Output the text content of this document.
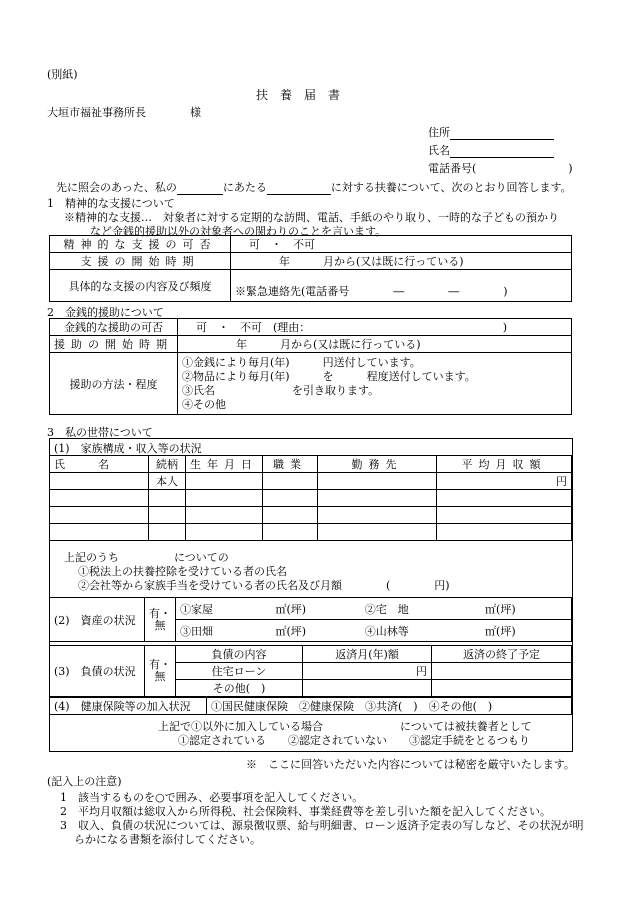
(別紙)
扶　養　届　書
大垣市福祉事務所長　　　　様
住所
氏名
電話番号(	)
先に照会のあった、私の	にあたる	に対する扶養について、次のとおり回答します。
1　精神的な支援について
※精神的な支援…　対象者に対する定期的な訪問、電話、手紙のやり取り、一時的な子どもの預かり
など金銭的援助以外の対象者への関わりのことを言います。
精神的な支援の可否	可　・　不可
支援の開始時期	年　　　月から(又は既に行っている)
具体的な支援の内容及び頻度	※緊急連絡先(電話番号　　　　―　　　　―　　　　)
2　金銭的援助について
金銭的な援助の可否	可　・　不可　(理由：　　　　　　　　　　　　　　　　　　)
援助の開始時期	年　　　月から(又は既に行っている)
援助の方法・程度	①金銭により毎月(年)　　　円送付しています。
②物品により毎月(年)　　　を　　　程度送付しています。
③氏名　　　　　　　を引き取ります。
④その他
3　私の世帯について
(1)　家族構成・収入等の状況
氏　　　名	続柄	生年月日	職業	勤務先	平均月収額
	本人				円

上記のうち　　　　　についての
①税法上の扶養控除を受けている者の氏名
②会社等から家族手当を受けている者の氏名及び月額　　　　(　　　　円)
(2)　資産の状況	有・無	①家屋	㎡(坪)	②宅　地	㎡(坪)
		③田畑	㎡(坪)	④山林等	㎡(坪)
(3)　負債の状況	有・無	負債の内容	返済月(年)額	返済の終了予定
		住宅ローン	円	
		その他(　)		
(4)　健康保険等の加入状況	①国民健康保険　②健康保険　③共済(　)　④その他(　)
上記で①以外に加入している場合　　　　　　　については被扶養者として
①認定されている　　②認定されていない　　③認定手続をとるつもり
※　ここに回答いただいた内容については秘密を厳守いたします。
(記入上の注意)
1　該当するものを○で囲み、必要事項を記入してください。
2　平均月収額は総収入から所得税、社会保険料、事業経費等を差し引いた額を記入してください。
3　収入、負債の状況については、源泉徴収票、給与明細書、ローン返済予定表の写しなど、その状況が明
らかになる書類を添付してください。
